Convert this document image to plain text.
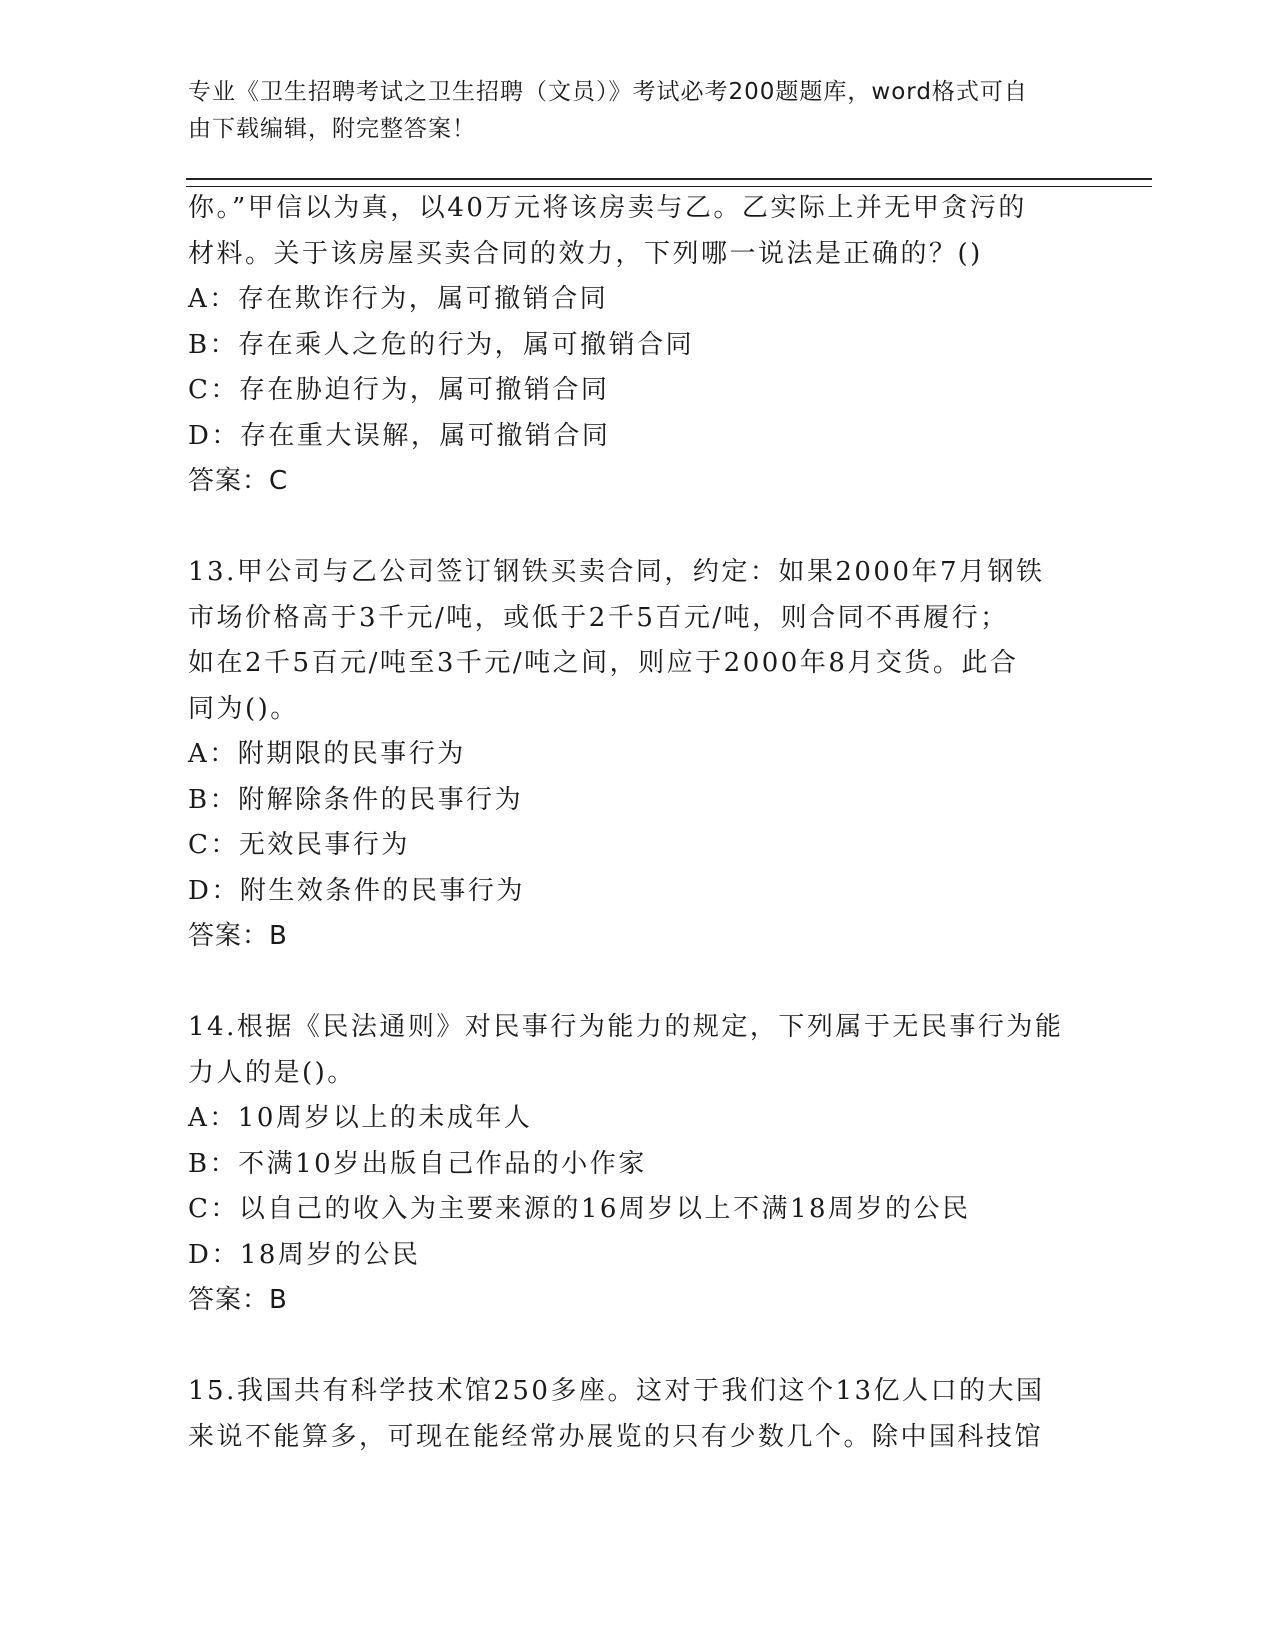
专业《卫生招聘考试之卫生招聘（文员）》考试必考200题题库，word格式可自
由下载编辑，附完整答案！
你。”甲信以为真，以40万元将该房卖与乙。乙实际上并无甲贪污的
材料。关于该房屋买卖合同的效力，下列哪一说法是正确的？()
A：存在欺诈行为，属可撤销合同
B：存在乘人之危的行为，属可撤销合同
C：存在胁迫行为，属可撤销合同
D：存在重大误解，属可撤销合同
答案：C
13.甲公司与乙公司签订钢铁买卖合同，约定：如果2000年7月钢铁
市场价格高于3千元/吨，或低于2千5百元/吨，则合同不再履行；
如在2千5百元/吨至3千元/吨之间，则应于2000年8月交货。此合
同为()。
A：附期限的民事行为
B：附解除条件的民事行为
C：无效民事行为
D：附生效条件的民事行为
答案：B
14.根据《民法通则》对民事行为能力的规定，下列属于无民事行为能
力人的是()。
A：10周岁以上的未成年人
B：不满10岁出版自己作品的小作家
C：以自己的收入为主要来源的16周岁以上不满18周岁的公民
D：18周岁的公民
答案：B
15.我国共有科学技术馆250多座。这对于我们这个13亿人口的大国
来说不能算多，可现在能经常办展览的只有少数几个。除中国科技馆
